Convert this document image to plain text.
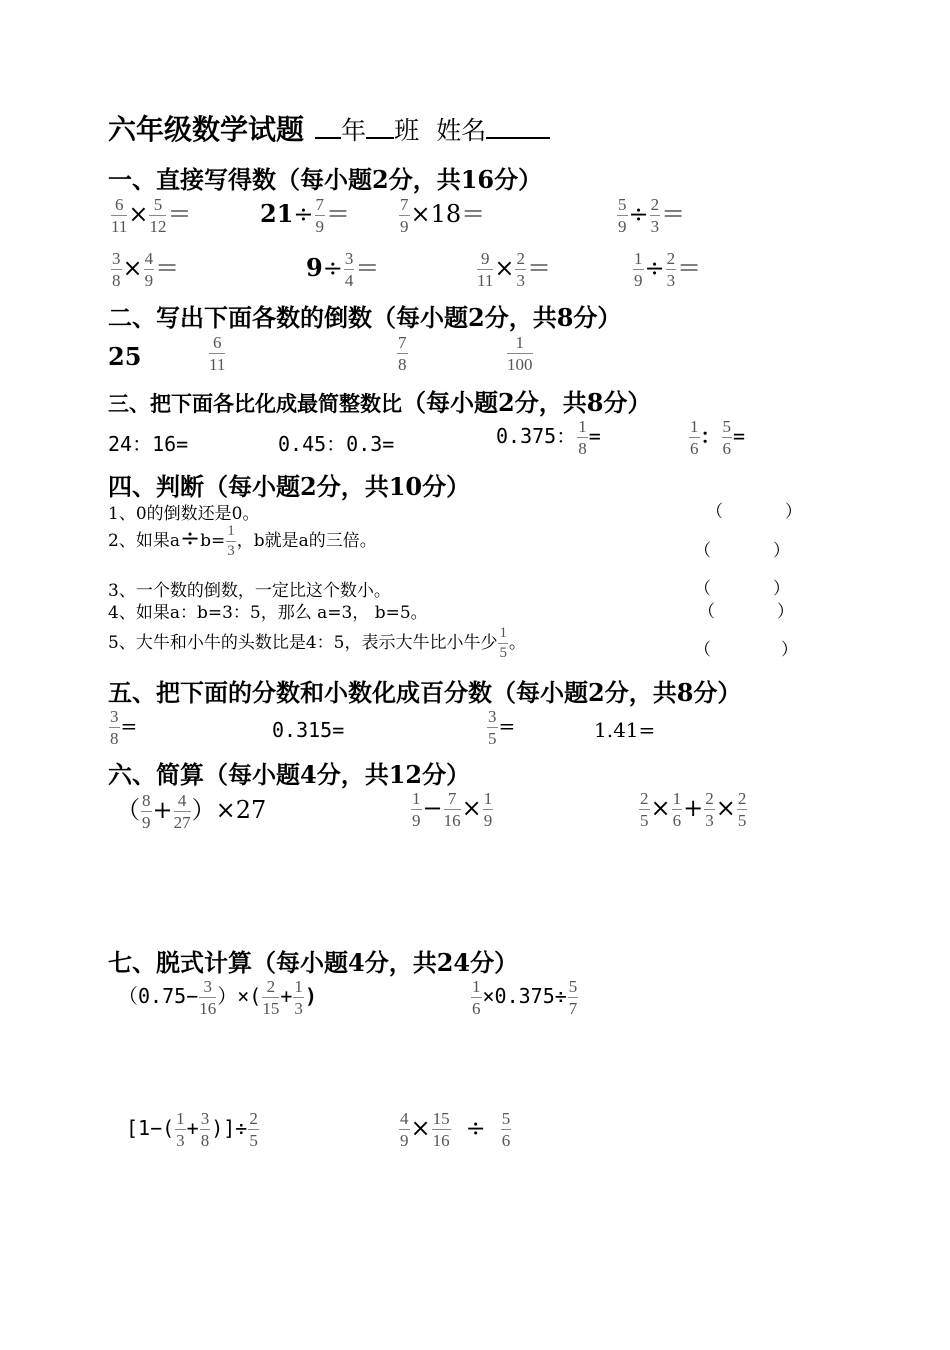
六年级数学试题 年 班 姓名
一、直接写得数（每小题2分，共16分）
$\frac{6}{11} \times \frac{5}{12}$ ＝	$21\div \frac{7}{9}$ ＝	$\frac{7}{9} \times 18=$	$\frac{5}{9} \div \frac{2}{3}$ ＝
$\frac{3}{8} \times \frac{4}{9}$ ＝	$9\div \frac{3}{4}$ ＝	$\frac{9}{11} \times \frac{2}{3}$ ＝	$\frac{1}{9} \div \frac{2}{3}$ ＝
二、写出下面各数的倒数（每小题2分，共8分）
25	$\frac{6}{11}$	$\frac{7}{8}$	$\frac{1}{100}$
三、把下面各比化成最简整数比（每小题2分，共8分）
24：16=	0.45：0.3=	0.375： $\frac{1}{8}$ =	$\frac{1}{6}$ ： $\frac{5}{6}$ =
四、判断（每小题2分，共10分）
1、0的倒数还是0。	（	）
2、如果$a\div b= \frac{1}{3}$ ，b就是a的三倍。	（	）
3、一个数的倒数，一定比这个数小。	（	）
4、如果a：b=3：5，那么 a=3， b=5。	（	）
5、大牛和小牛的头数比是4：5，表示大牛比小牛少 $\frac{1}{5}$ 。	（	）
五、把下面的分数和小数化成百分数（每小题2分，共8分）
$\frac{3}{8}$ =	0.315=	$\frac{3}{5}$ =	1.41=
六、简算（每小题4分，共12分）
（ $\frac{8}{9} + \frac{4}{27} )\times 27$	$\frac{1}{9} - \frac{7}{16} \times \frac{1}{9}$	$\frac{2}{5} \times \frac{1}{6} + \frac{2}{3} \times \frac{2}{5}$
七、脱式计算（每小题4分，共24分）
（$0.75- \frac{3}{16}$ ）×( $\frac{2}{15} + \frac{1}{3}$ )	$\frac{1}{6} \times 0.375\div \frac{5}{7}$
[$1-( \frac{1}{3} + \frac{3}{8}$ )]÷ $\frac{2}{5}$	$\frac{4}{9} \times \frac{15}{16} \div \frac{5}{6}$
